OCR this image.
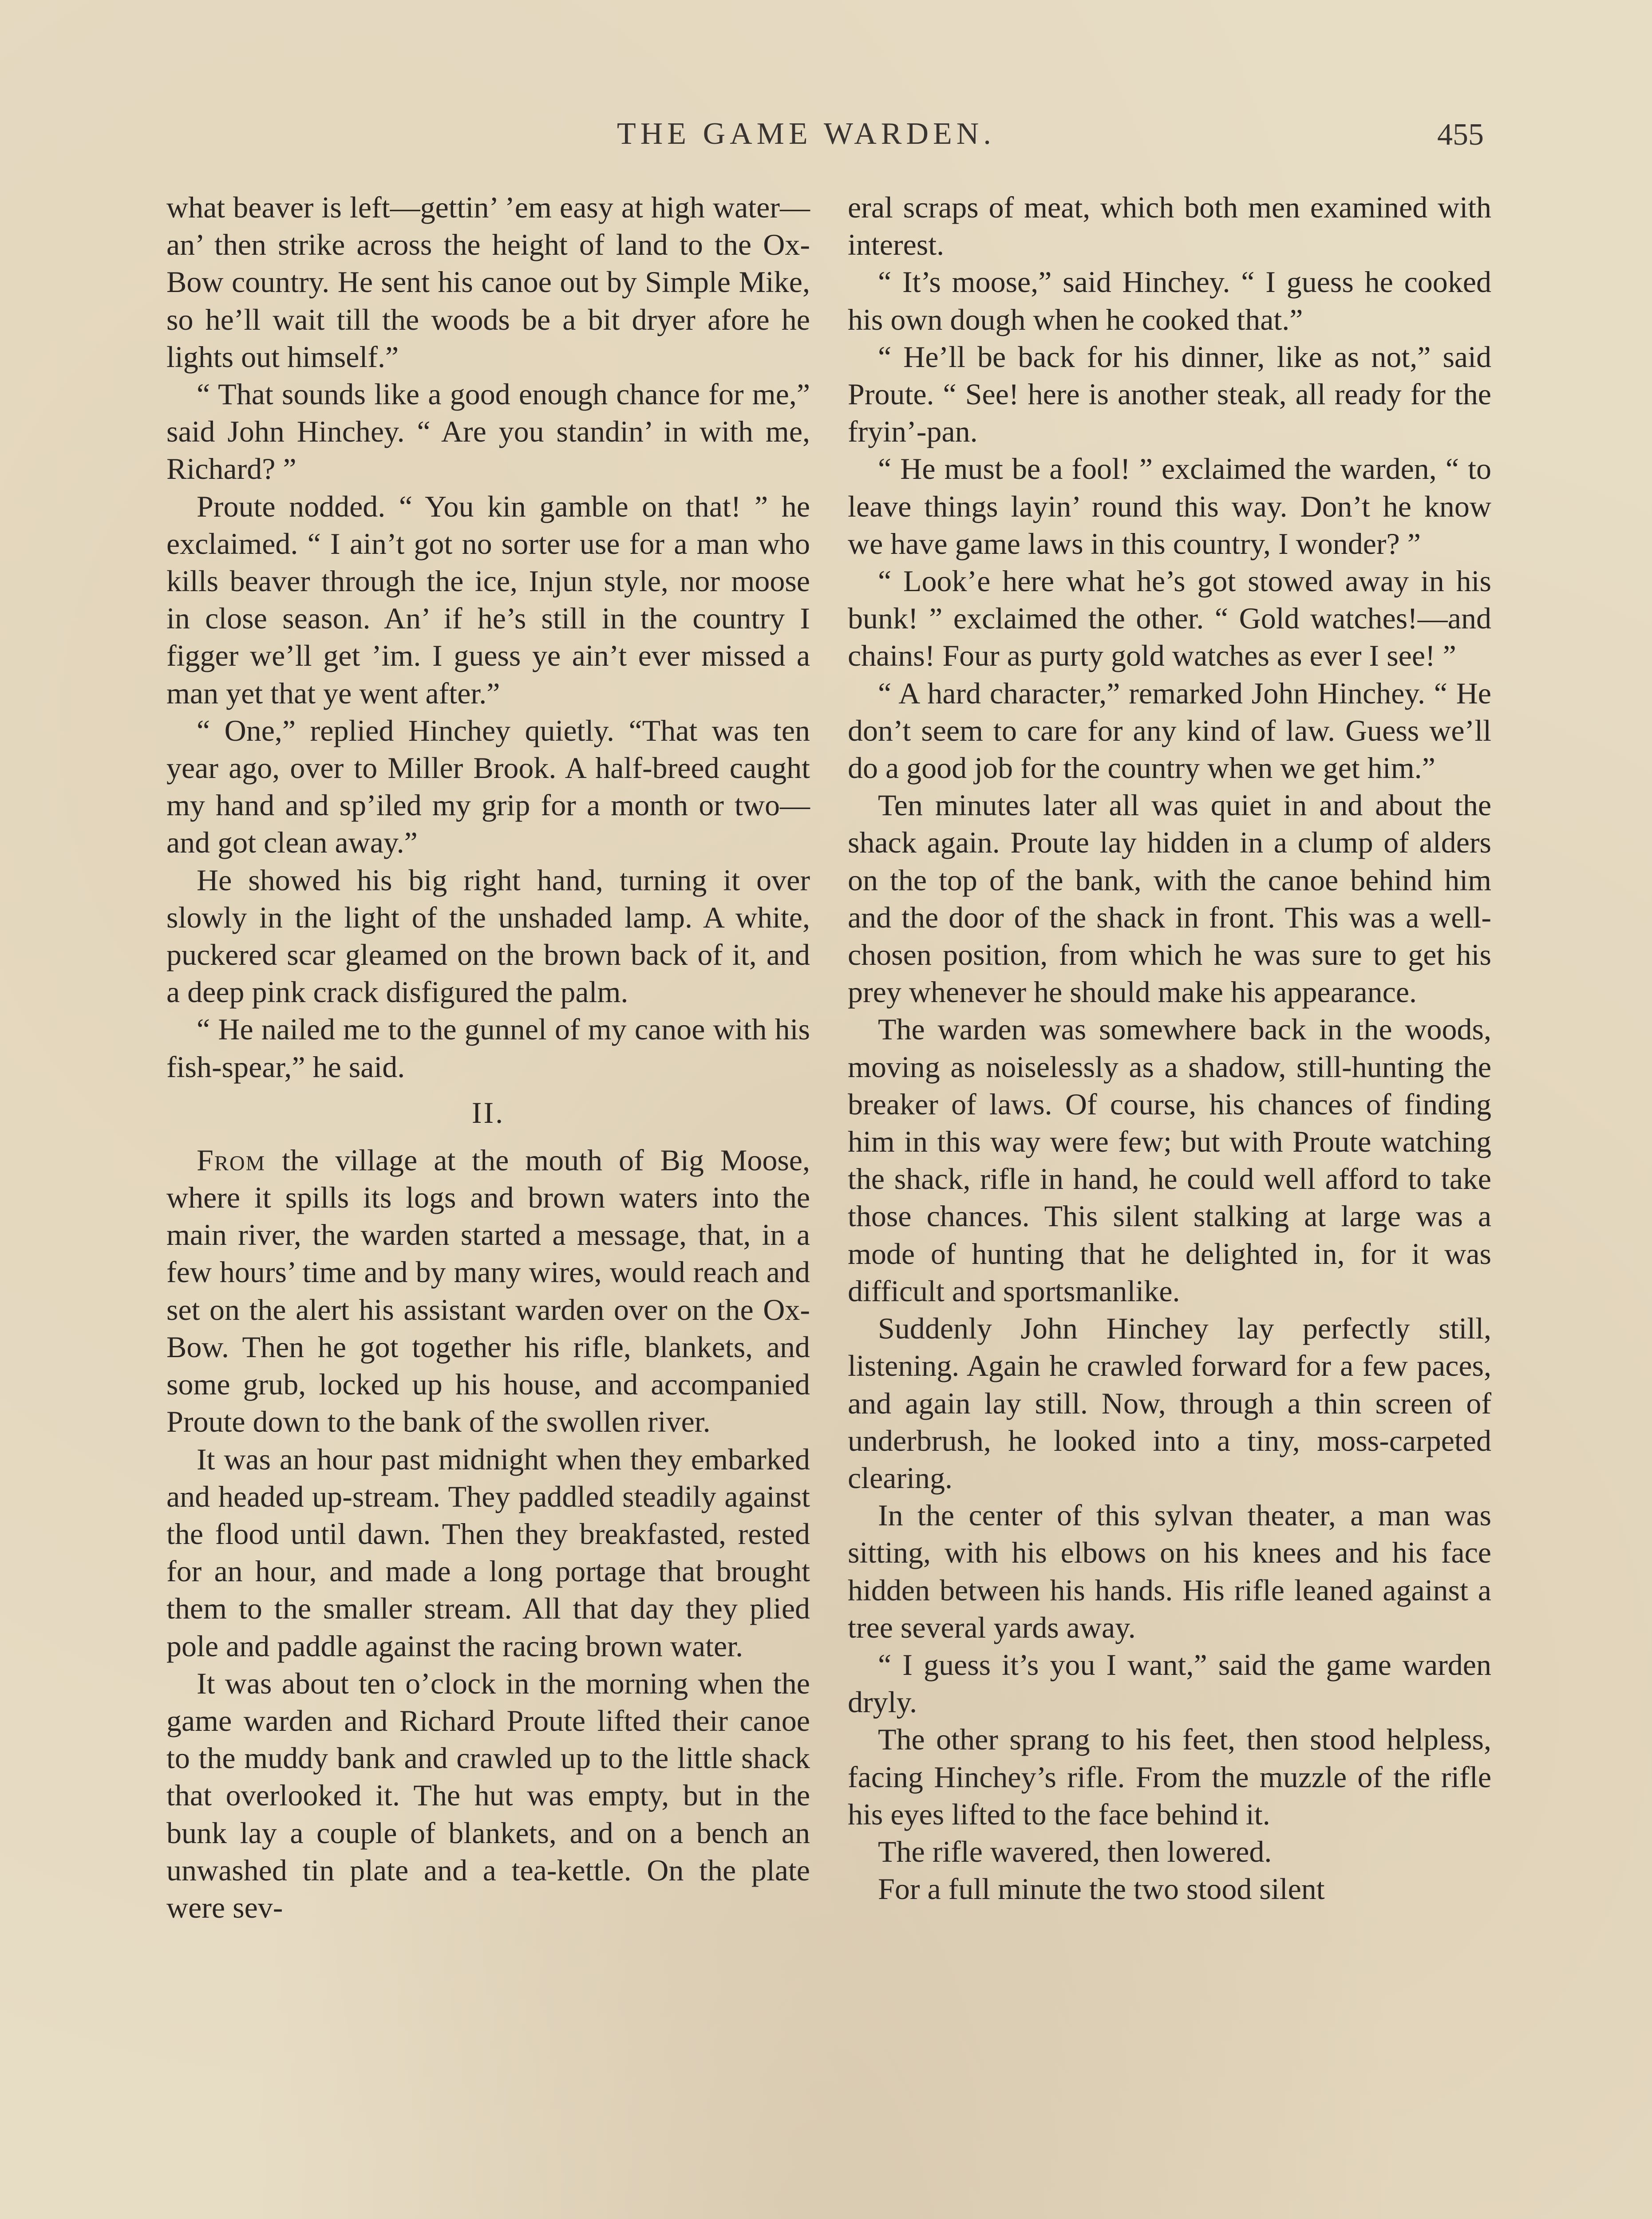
THE GAME WARDEN.	455

what beaver is left—gettin’ ’em easy at high water—an’ then strike across the height of land to the Ox-Bow country. He sent his canoe out by Simple Mike, so he’ll wait till the woods be a bit dryer afore he lights out himself.”

“ That sounds like a good enough chance for me,” said John Hinchey. “ Are you standin’ in with me, Richard? ”

Proute nodded. “ You kin gamble on that! ” he exclaimed. “ I ain’t got no sorter use for a man who kills beaver through the ice, Injun style, nor moose in close season. An’ if he’s still in the country I figger we’ll get ’im. I guess ye ain’t ever missed a man yet that ye went after.”

“ One,” replied Hinchey quietly. “That was ten year ago, over to Miller Brook. A half-breed caught my hand and sp’iled my grip for a month or two—and got clean away.”

He showed his big right hand, turning it over slowly in the light of the unshaded lamp. A white, puckered scar gleamed on the brown back of it, and a deep pink crack disfigured the palm.

“ He nailed me to the gunnel of my canoe with his fish-spear,” he said.

II.

From the village at the mouth of Big Moose, where it spills its logs and brown waters into the main river, the warden started a message, that, in a few hours’ time and by many wires, would reach and set on the alert his assistant warden over on the Ox-Bow. Then he got together his rifle, blankets, and some grub, locked up his house, and accompanied Proute down to the bank of the swollen river.

It was an hour past midnight when they embarked and headed up-stream. They paddled steadily against the flood until dawn. Then they breakfasted, rested for an hour, and made a long portage that brought them to the smaller stream. All that day they plied pole and paddle against the racing brown water.

It was about ten o’clock in the morning when the game warden and Richard Proute lifted their canoe to the muddy bank and crawled up to the little shack that overlooked it. The hut was empty, but in the bunk lay a couple of blankets, and on a bench an unwashed tin plate and a tea-kettle. On the plate were sev-

eral scraps of meat, which both men examined with interest.

“ It’s moose,” said Hinchey. “ I guess he cooked his own dough when he cooked that.”

“ He’ll be back for his dinner, like as not,” said Proute. “ See! here is another steak, all ready for the fryin’-pan.

“ He must be a fool! ” exclaimed the warden, “ to leave things layin’ round this way. Don’t he know we have game laws in this country, I wonder? ”

“ Look’e here what he’s got stowed away in his bunk! ” exclaimed the other. “ Gold watches!—and chains! Four as purty gold watches as ever I see! ”

“ A hard character,” remarked John Hinchey. “ He don’t seem to care for any kind of law. Guess we’ll do a good job for the country when we get him.”

Ten minutes later all was quiet in and about the shack again. Proute lay hidden in a clump of alders on the top of the bank, with the canoe behind him and the door of the shack in front. This was a well-chosen position, from which he was sure to get his prey whenever he should make his appearance.

The warden was somewhere back in the woods, moving as noiselessly as a shadow, still-hunting the breaker of laws. Of course, his chances of finding him in this way were few; but with Proute watching the shack, rifle in hand, he could well afford to take those chances. This silent stalking at large was a mode of hunting that he delighted in, for it was difficult and sportsmanlike.

Suddenly John Hinchey lay perfectly still, listening. Again he crawled forward for a few paces, and again lay still. Now, through a thin screen of underbrush, he looked into a tiny, moss-carpeted clearing.

In the center of this sylvan theater, a man was sitting, with his elbows on his knees and his face hidden between his hands. His rifle leaned against a tree several yards away.

“ I guess it’s you I want,” said the game warden dryly.

The other sprang to his feet, then stood helpless, facing Hinchey’s rifle. From the muzzle of the rifle his eyes lifted to the face behind it.

The rifle wavered, then lowered.

For a full minute the two stood silent
